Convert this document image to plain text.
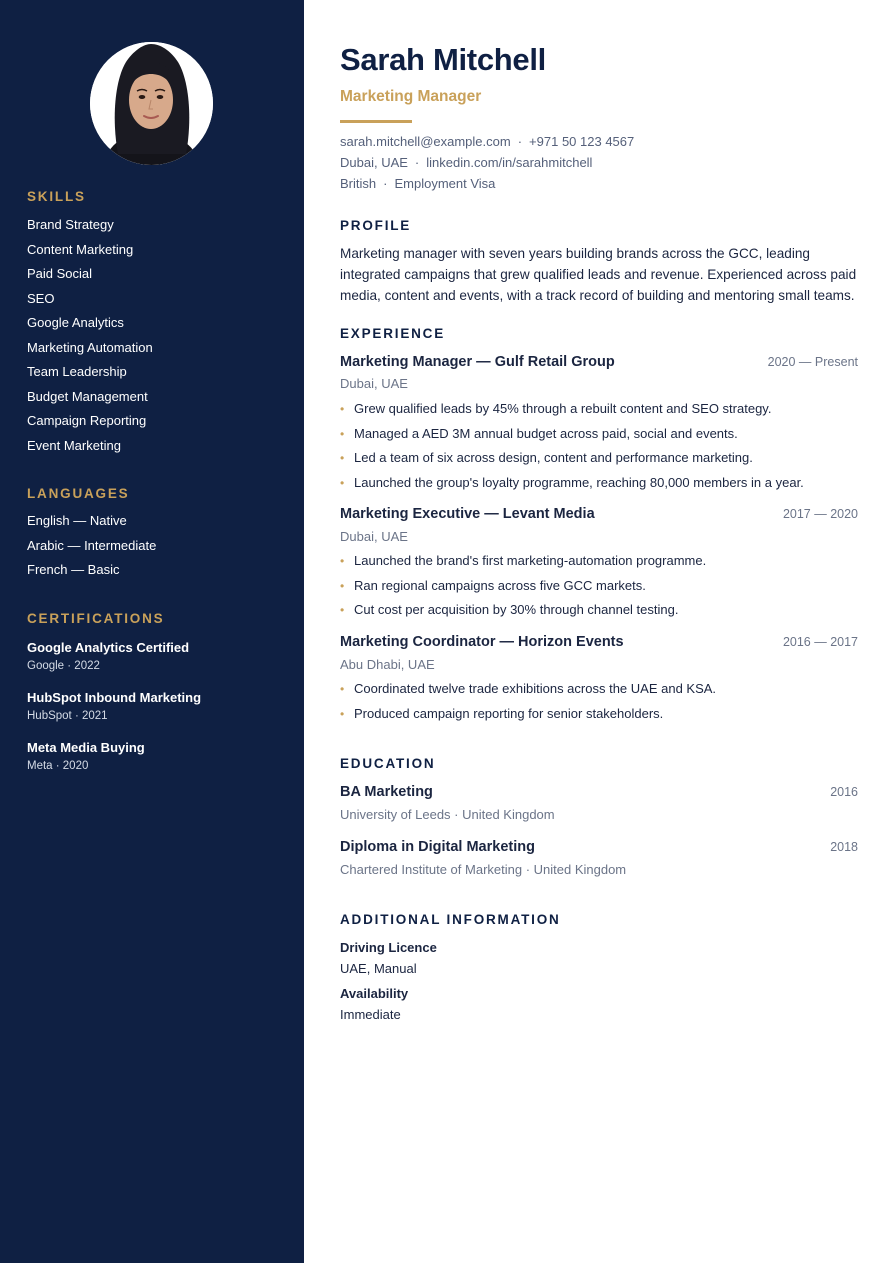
SKILLS
Brand Strategy
Content Marketing
Paid Social
SEO
Google Analytics
Marketing Automation
Team Leadership
Budget Management
Campaign Reporting
Event Marketing
LANGUAGES
English — Native
Arabic — Intermediate
French — Basic
CERTIFICATIONS
Google Analytics Certified
Google · 2022
HubSpot Inbound Marketing
HubSpot · 2021
Meta Media Buying
Meta · 2020
Sarah Mitchell
Marketing Manager
sarah.mitchell@example.com · +971 50 123 4567
Dubai, UAE · linkedin.com/in/sarahmitchell
British · Employment Visa
PROFILE
Marketing manager with seven years building brands across the GCC, leading
integrated campaigns that grew qualified leads and revenue. Experienced across paid
media, content and events, with a track record of building and mentoring small teams.
EXPERIENCE
Marketing Manager — Gulf Retail Group	2020 — Present
Dubai, UAE
• Grew qualified leads by 45% through a rebuilt content and SEO strategy.
• Managed a AED 3M annual budget across paid, social and events.
• Led a team of six across design, content and performance marketing.
• Launched the group's loyalty programme, reaching 80,000 members in a year.
Marketing Executive — Levant Media	2017 — 2020
Dubai, UAE
• Launched the brand's first marketing-automation programme.
• Ran regional campaigns across five GCC markets.
• Cut cost per acquisition by 30% through channel testing.
Marketing Coordinator — Horizon Events	2016 — 2017
Abu Dhabi, UAE
• Coordinated twelve trade exhibitions across the UAE and KSA.
• Produced campaign reporting for senior stakeholders.
EDUCATION
BA Marketing	2016
University of Leeds · United Kingdom
Diploma in Digital Marketing	2018
Chartered Institute of Marketing · United Kingdom
ADDITIONAL INFORMATION
Driving Licence
UAE, Manual
Availability
Immediate
